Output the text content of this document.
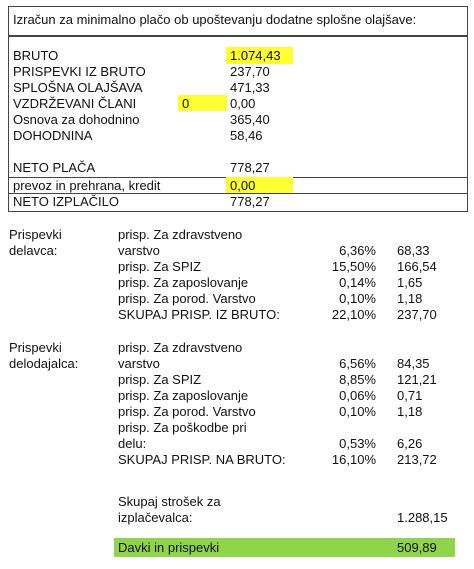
Izračun za minimalno plačo ob upoštevanju dodatne splošne olajšave:
BRUTO	1.074,43
PRISPEVKI IZ BRUTO	237,70
SPLOŠNA OLAJŠAVA	471,33
VZDRŽEVANI ČLANI	0	0,00
Osnova za dohodnino	365,40
DOHODNINA	58,46
NETO PLAČA	778,27
prevoz in prehrana, kredit	0,00
NETO IZPLAČILO	778,27
Prispevki
delavca:
prisp. Za zdravstveno
varstvo	6,36% 68,33
prisp. Za SPIZ	15,50% 166,54
prisp. Za zaposlovanje	0,14% 1,65
prisp. Za porod. Varstvo	0,10% 1,18
SKUPAJ PRISP. IZ BRUTO:	22,10% 237,70
Prispevki
delodajalca:
prisp. Za zdravstveno
varstvo	6,56% 84,35
prisp. Za SPIZ	8,85% 121,21
prisp. Za zaposlovanje	0,06% 0,71
prisp. Za porod. Varstvo	0,10% 1,18
prisp. Za poškodbe pri
delu:	0,53% 6,26
SKUPAJ PRISP. NA BRUTO:	16,10% 213,72
Skupaj strošek za
izplačevalca:	1.288,15
Davki in prispevki	509,89
